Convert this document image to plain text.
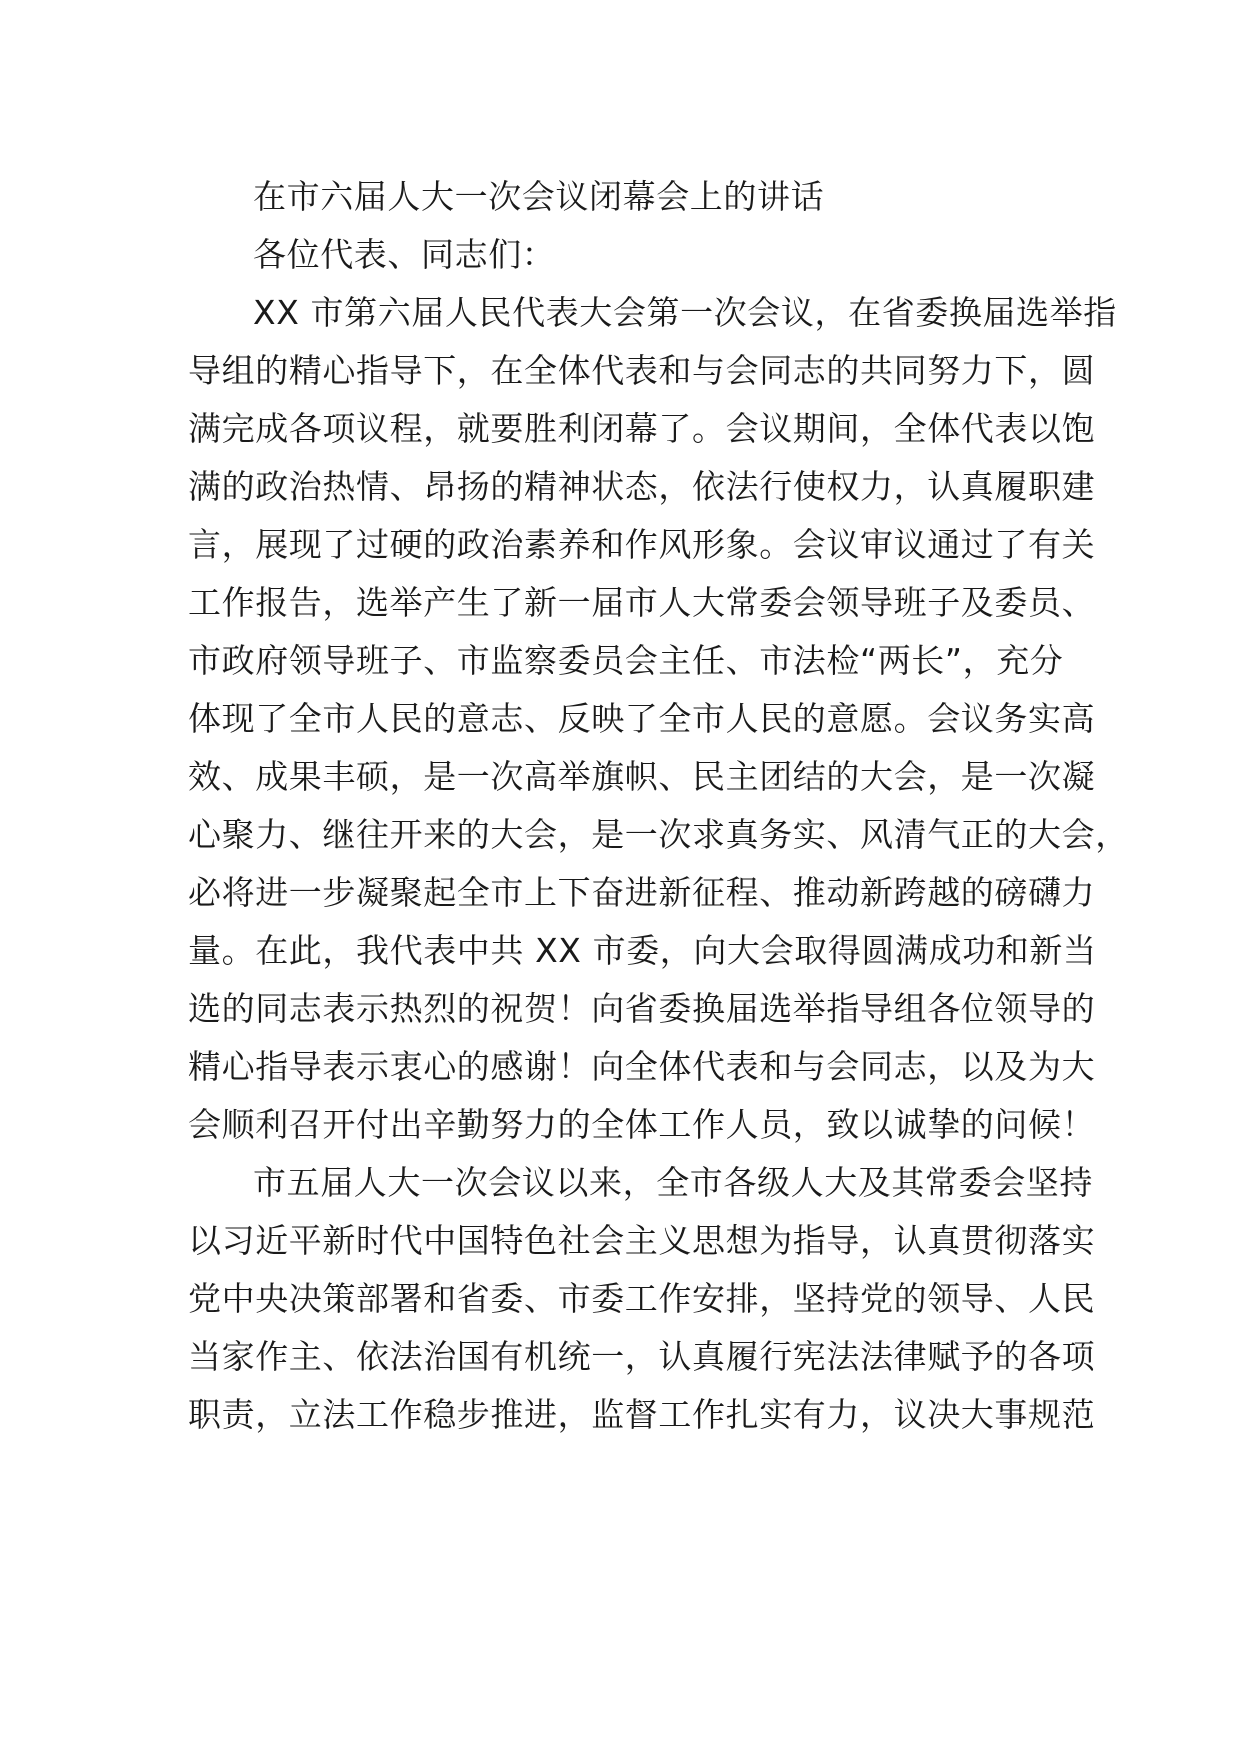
在市六届人大一次会议闭幕会上的讲话
各位代表、同志们：
XX 市第六届人民代表大会第一次会议，在省委换届选举指
导组的精心指导下，在全体代表和与会同志的共同努力下，圆
满完成各项议程，就要胜利闭幕了。会议期间，全体代表以饱
满的政治热情、昂扬的精神状态，依法行使权力，认真履职建
言，展现了过硬的政治素养和作风形象。会议审议通过了有关
工作报告，选举产生了新一届市人大常委会领导班子及委员、
市政府领导班子、市监察委员会主任、市法检“两长”，充分
体现了全市人民的意志、反映了全市人民的意愿。会议务实高
效、成果丰硕，是一次高举旗帜、民主团结的大会，是一次凝
心聚力、继往开来的大会，是一次求真务实、风清气正的大会，
必将进一步凝聚起全市上下奋进新征程、推动新跨越的磅礴力
量。在此，我代表中共 XX 市委，向大会取得圆满成功和新当
选的同志表示热烈的祝贺！向省委换届选举指导组各位领导的
精心指导表示衷心的感谢！向全体代表和与会同志，以及为大
会顺利召开付出辛勤努力的全体工作人员，致以诚挚的问候！
市五届人大一次会议以来，全市各级人大及其常委会坚持
以习近平新时代中国特色社会主义思想为指导，认真贯彻落实
党中央决策部署和省委、市委工作安排，坚持党的领导、人民
当家作主、依法治国有机统一，认真履行宪法法律赋予的各项
职责，立法工作稳步推进，监督工作扎实有力，议决大事规范
